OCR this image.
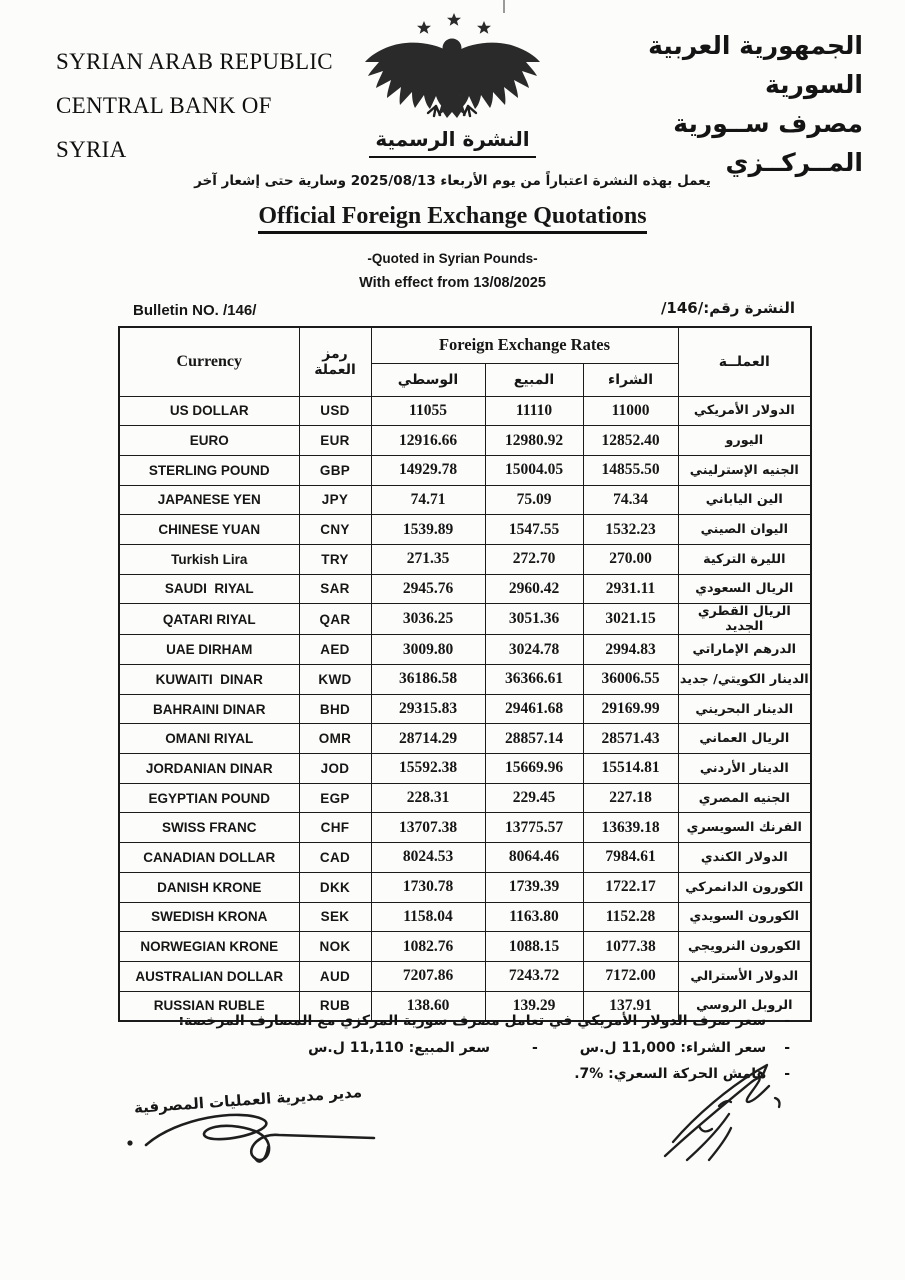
SYRIAN ARAB REPUBLIC
CENTRAL BANK OF SYRIA
الجمهورية العربية السورية
مصرف ســورية المــركــزي
النشرة الرسمية
يعمل بهذه النشرة اعتباراً من يوم الأربعاء 2025/08/13 وسارية حتى إشعار آخر
Official Foreign Exchange Quotations
-Quoted in Syrian Pounds-
With effect from 13/08/2025
Bulletin NO. /146/	النشرة رقم:/146/
Currency	رمز العملة	Foreign Exchange Rates			العملــة
		الوسطي	المبيع	الشراء	
US DOLLAR	USD	11055	11110	11000	الدولار الأمريكي
EURO	EUR	12916.66	12980.92	12852.40	اليورو
STERLING POUND	GBP	14929.78	15004.05	14855.50	الجنيه الإسترليني
JAPANESE YEN	JPY	74.71	75.09	74.34	الين الياباني
CHINESE YUAN	CNY	1539.89	1547.55	1532.23	اليوان الصيني
Turkish Lira	TRY	271.35	272.70	270.00	الليرة التركية
SAUDI  RIYAL	SAR	2945.76	2960.42	2931.11	الريال السعودي
QATARI RIYAL	QAR	3036.25	3051.36	3021.15	الريال القطري الجديد
UAE DIRHAM	AED	3009.80	3024.78	2994.83	الدرهم الإماراتي
KUWAITI  DINAR	KWD	36186.58	36366.61	36006.55	الدينار الكويتي/ جديد
BAHRAINI DINAR	BHD	29315.83	29461.68	29169.99	الدينار البحريني
OMANI RIYAL	OMR	28714.29	28857.14	28571.43	الريال العماني
JORDANIAN DINAR	JOD	15592.38	15669.96	15514.81	الدينار الأردني
EGYPTIAN POUND	EGP	228.31	229.45	227.18	الجنيه المصري
SWISS FRANC	CHF	13707.38	13775.57	13639.18	الفرنك السويسري
CANADIAN DOLLAR	CAD	8024.53	8064.46	7984.61	الدولار الكندي
DANISH KRONE	DKK	1730.78	1739.39	1722.17	الكورون الدانمركي
SWEDISH KRONA	SEK	1158.04	1163.80	1152.28	الكورون السويدي
NORWEGIAN KRONE	NOK	1082.76	1088.15	1077.38	الكورون النرويجي
AUSTRALIAN DOLLAR	AUD	7207.86	7243.72	7172.00	الدولار الأسترالي
RUSSIAN RUBLE	RUB	138.60	139.29	137.91	الروبل الروسي
-سعر صرف الدولار الأمريكي في تعامل مصرف سورية المركزي مع المصارف المرخصة:
-سعر الشراء: 11,000 ل.س-سعر المبيع: 11,110 ل.س
-هامش الحركة السعري: %7.
مدير مديرية العمليات المصرفية
